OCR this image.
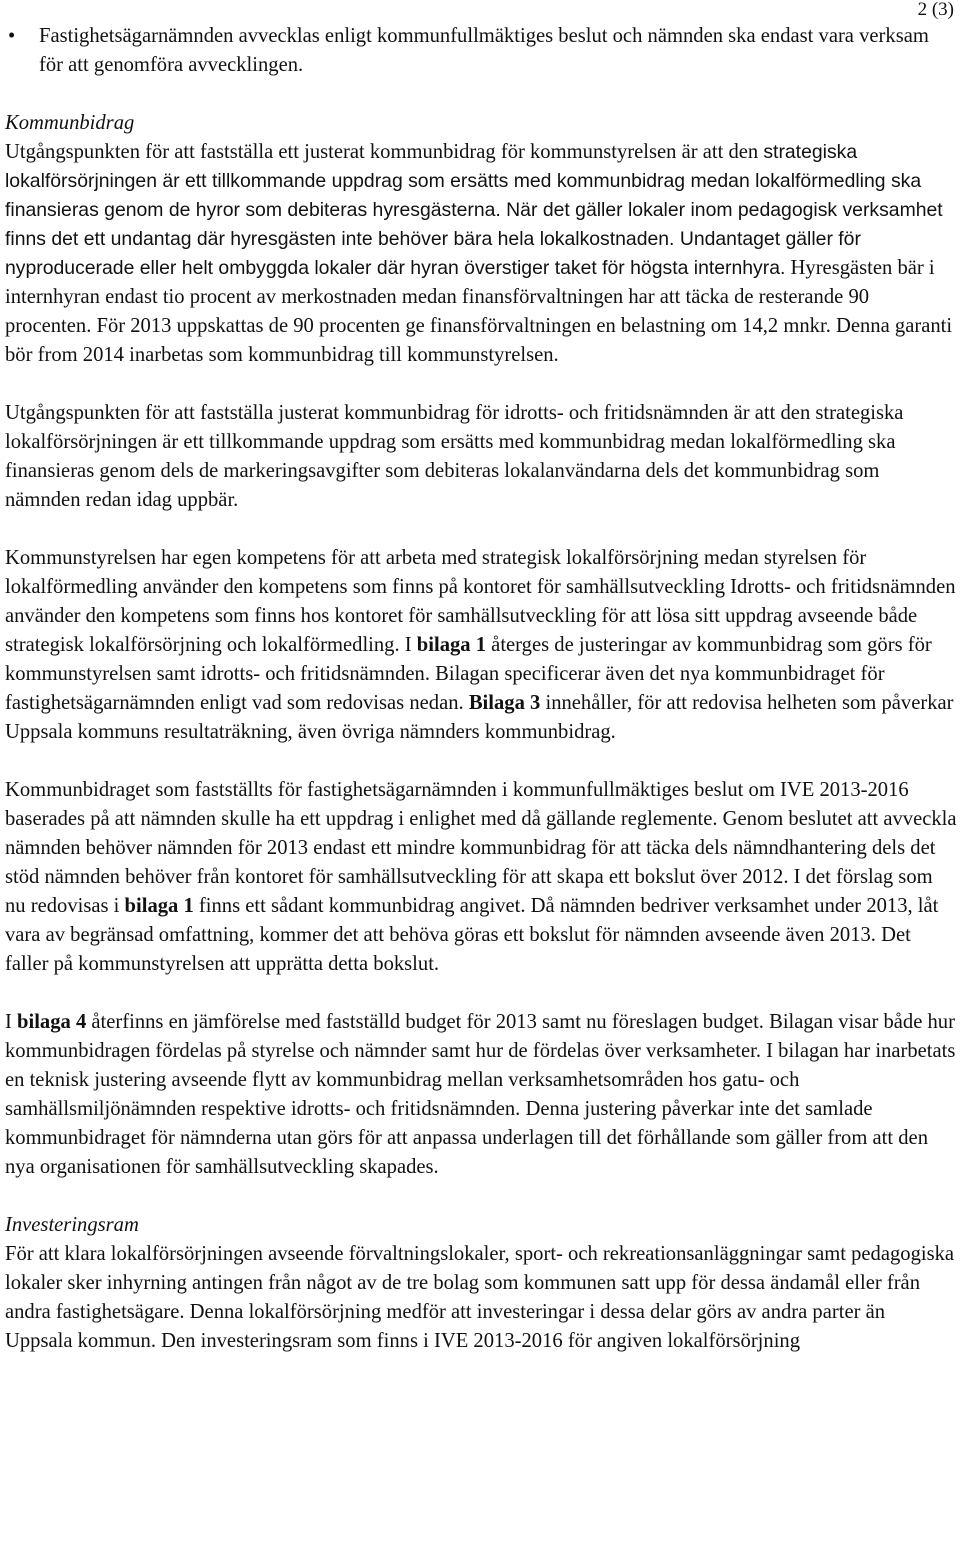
2 (3)
•	Fastighetsägarnämnden avvecklas enligt kommunfullmäktiges beslut och nämnden ska endast vara verksam för att genomföra avvecklingen.

Kommunbidrag

Utgångspunkten för att fastställa ett justerat kommunbidrag för kommunstyrelsen är att den strategiska lokalförsörjningen är ett tillkommande uppdrag som ersätts med kommunbidrag medan lokalförmedling ska finansieras genom de hyror som debiteras hyresgästerna. När det gäller lokaler inom pedagogisk verksamhet finns det ett undantag där hyresgästen inte behöver bära hela lokalkostnaden. Undantaget gäller för nyproducerade eller helt ombyggda lokaler där hyran överstiger taket för högsta internhyra. Hyresgästen bär i internhyran endast tio procent av merkostnaden medan finansförvaltningen har att täcka de resterande 90 procenten. För 2013 uppskattas de 90 procenten ge finansförvaltningen en belastning om 14,2 mnkr. Denna garanti bör from 2014 inarbetas som kommunbidrag till kommunstyrelsen.

Utgångspunkten för att fastställa justerat kommunbidrag för idrotts- och fritidsnämnden är att den strategiska lokalförsörjningen är ett tillkommande uppdrag som ersätts med kommunbidrag medan lokalförmedling ska finansieras genom dels de markeringsavgifter som debiteras lokalanvändarna dels det kommunbidrag som nämnden redan idag uppbär.

Kommunstyrelsen har egen kompetens för att arbeta med strategisk lokalförsörjning medan styrelsen för lokalförmedling använder den kompetens som finns på kontoret för samhällsutveckling Idrotts- och fritidsnämnden använder den kompetens som finns hos kontoret för samhällsutveckling för att lösa sitt uppdrag avseende både strategisk lokalförsörjning och lokalförmedling. I bilaga 1 återges de justeringar av kommunbidrag som görs för kommunstyrelsen samt idrotts- och fritidsnämnden. Bilagan specificerar även det nya kommunbidraget för fastighetsägarnämnden enligt vad som redovisas nedan. Bilaga 3 innehåller, för att redovisa helheten som påverkar Uppsala kommuns resultaträkning, även övriga nämnders kommunbidrag.

Kommunbidraget som fastställts för fastighetsägarnämnden i kommunfullmäktiges beslut om IVE 2013-2016 baserades på att nämnden skulle ha ett uppdrag i enlighet med då gällande reglemente. Genom beslutet att avveckla nämnden behöver nämnden för 2013 endast ett mindre kommunbidrag för att täcka dels nämndhantering dels det stöd nämnden behöver från kontoret för samhällsutveckling för att skapa ett bokslut över 2012. I det förslag som nu redovisas i bilaga 1 finns ett sådant kommunbidrag angivet. Då nämnden bedriver verksamhet under 2013, låt vara av begränsad omfattning, kommer det att behöva göras ett bokslut för nämnden avseende även 2013. Det faller på kommunstyrelsen att upprätta detta bokslut.

I bilaga 4 återfinns en jämförelse med fastställd budget för 2013 samt nu föreslagen budget. Bilagan visar både hur kommunbidragen fördelas på styrelse och nämnder samt hur de fördelas över verksamheter. I bilagan har inarbetats en teknisk justering avseende flytt av kommunbidrag mellan verksamhetsområden hos gatu- och samhällsmiljönämnden respektive idrotts- och fritidsnämnden. Denna justering påverkar inte det samlade kommunbidraget för nämnderna utan görs för att anpassa underlagen till det förhållande som gäller from att den nya organisationen för samhällsutveckling skapades.

Investeringsram

För att klara lokalförsörjningen avseende förvaltningslokaler, sport- och rekreationsanläggningar samt pedagogiska lokaler sker inhyrning antingen från något av de tre bolag som kommunen satt upp för dessa ändamål eller från andra fastighetsägare. Denna lokalförsörjning medför att investeringar i dessa delar görs av andra parter än Uppsala kommun. Den investeringsram som finns i IVE 2013-2016 för angiven lokalförsörjning
